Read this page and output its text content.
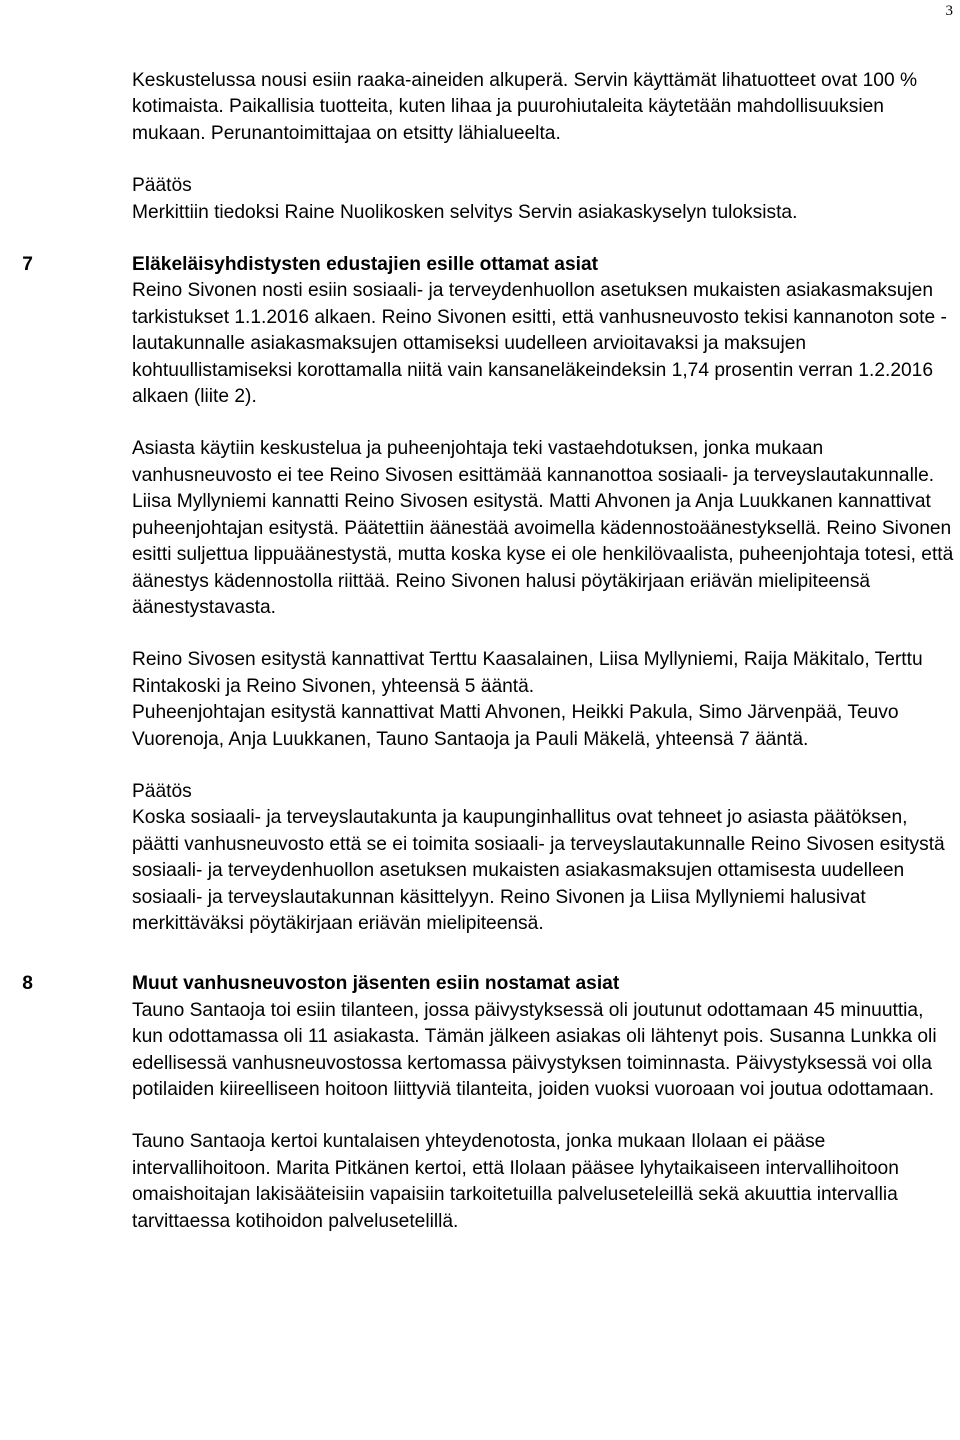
3

Keskustelussa nousi esiin raaka-aineiden alkuperä. Servin käyttämät lihatuotteet ovat 100 % kotimaista. Paikallisia tuotteita, kuten lihaa ja puurohiutaleita käytetään mahdollisuuksien mukaan. Perunantoimittajaa on etsitty lähialueelta.

Päätös

Merkittiin tiedoksi Raine Nuolikosken selvitys Servin asiakaskyselyn tuloksista.

 7	Eläkeläisyhdistysten edustajien esille ottamat asiat

Reino Sivonen nosti esiin sosiaali- ja terveydenhuollon asetuksen mukaisten asiakasmaksujen tarkistukset 1.1.2016 alkaen. Reino Sivonen esitti, että vanhusneuvosto tekisi kannanoton sote -lautakunnalle asiakasmaksujen ottamiseksi uudelleen arvioitavaksi ja maksujen kohtuullistamiseksi korottamalla niitä vain kansaneläkeindeksin 1,74 prosentin verran 1.2.2016 alkaen (liite 2).

Asiasta käytiin keskustelua ja puheenjohtaja teki vastaehdotuksen, jonka mukaan vanhusneuvosto ei tee Reino Sivosen esittämää kannanottoa sosiaali- ja terveyslautakunnalle. Liisa Myllyniemi kannatti Reino Sivosen esitystä. Matti Ahvonen ja Anja Luukkanen kannattivat puheenjohtajan esitystä. Päätettiin äänestää avoimella kädennostoäänestyksellä. Reino Sivonen esitti suljettua lippuäänestystä, mutta koska kyse ei ole henkilövaalista, puheenjohtaja totesi, että äänestys kädennostolla riittää. Reino Sivonen halusi pöytäkirjaan eriävän mielipiteensä äänestystavasta.

Reino Sivosen esitystä kannattivat Terttu Kaasalainen, Liisa Myllyniemi, Raija Mäkitalo, Terttu Rintakoski ja Reino Sivonen, yhteensä 5 ääntä.

Puheenjohtajan esitystä kannattivat Matti Ahvonen, Heikki Pakula, Simo Järvenpää, Teuvo Vuorenoja, Anja Luukkanen, Tauno Santaoja ja Pauli Mäkelä, yhteensä 7 ääntä.

Päätös

Koska sosiaali- ja terveyslautakunta ja kaupunginhallitus ovat tehneet jo asiasta päätöksen, päätti vanhusneuvosto että se ei toimita sosiaali- ja terveyslautakunnalle Reino Sivosen esitystä sosiaali- ja terveydenhuollon asetuksen mukaisten asiakasmaksujen ottamisesta uudelleen sosiaali- ja terveyslautakunnan käsittelyyn. Reino Sivonen ja Liisa Myllyniemi halusivat merkittäväksi pöytäkirjaan eriävän mielipiteensä.

 8	Muut vanhusneuvoston jäsenten esiin nostamat asiat

Tauno Santaoja toi esiin tilanteen, jossa päivystyksessä oli joutunut odottamaan 45 minuuttia, kun odottamassa oli 11 asiakasta. Tämän jälkeen asiakas oli lähtenyt pois. Susanna Lunkka oli edellisessä vanhusneuvostossa kertomassa päivystyksen toiminnasta. Päivystyksessä voi olla potilaiden kiireelliseen hoitoon liittyviä tilanteita, joiden vuoksi vuoroaan voi joutua odottamaan.

Tauno Santaoja kertoi kuntalaisen yhteydenotosta, jonka mukaan Ilolaan ei pääse intervallihoitoon. Marita Pitkänen kertoi, että Ilolaan pääsee lyhytaikaiseen intervallihoitoon omaishoitajan lakisääteisiin vapaisiin tarkoitetuilla palveluseteleillä sekä akuuttia intervallia tarvittaessa kotihoidon palvelusetelillä.
